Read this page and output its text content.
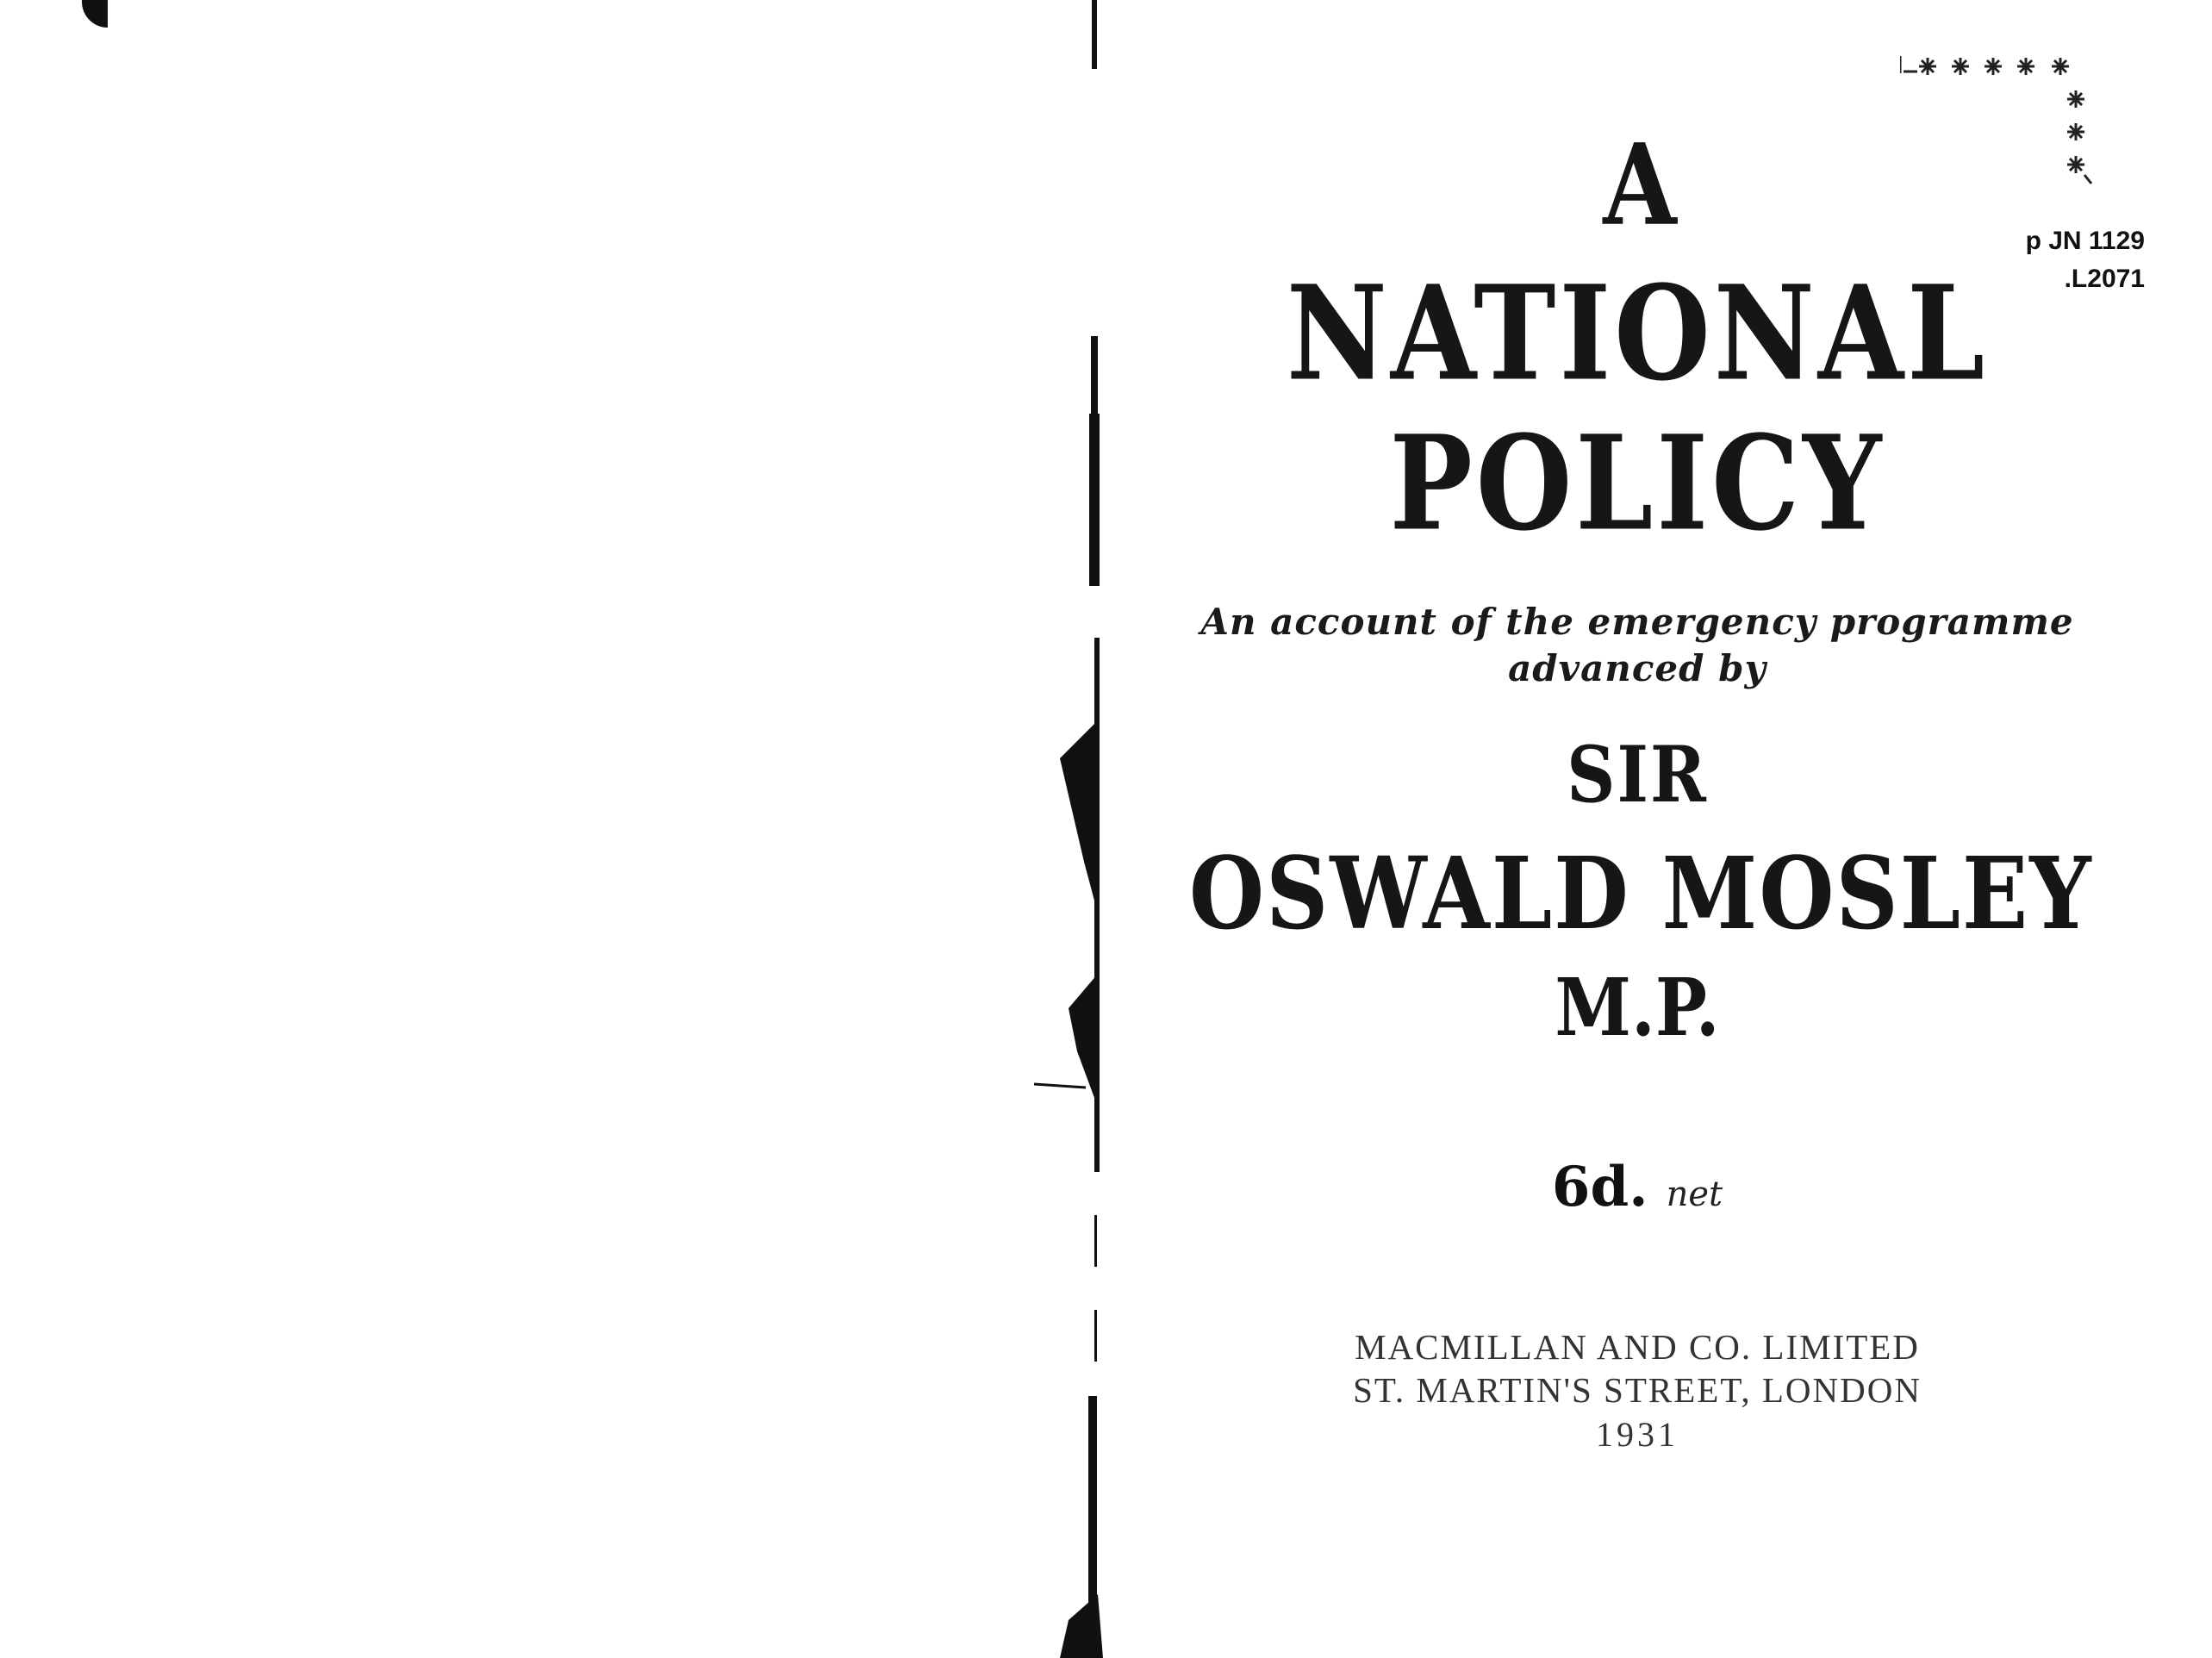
p JN 1129
.L2071
A
NATIONAL
POLICY
An account of the emergency programme
advanced by
SIR
OSWALD MOSLEY
M.P.
6d. net
MACMILLAN AND CO. LIMITED
ST. MARTIN'S STREET, LONDON
1931
